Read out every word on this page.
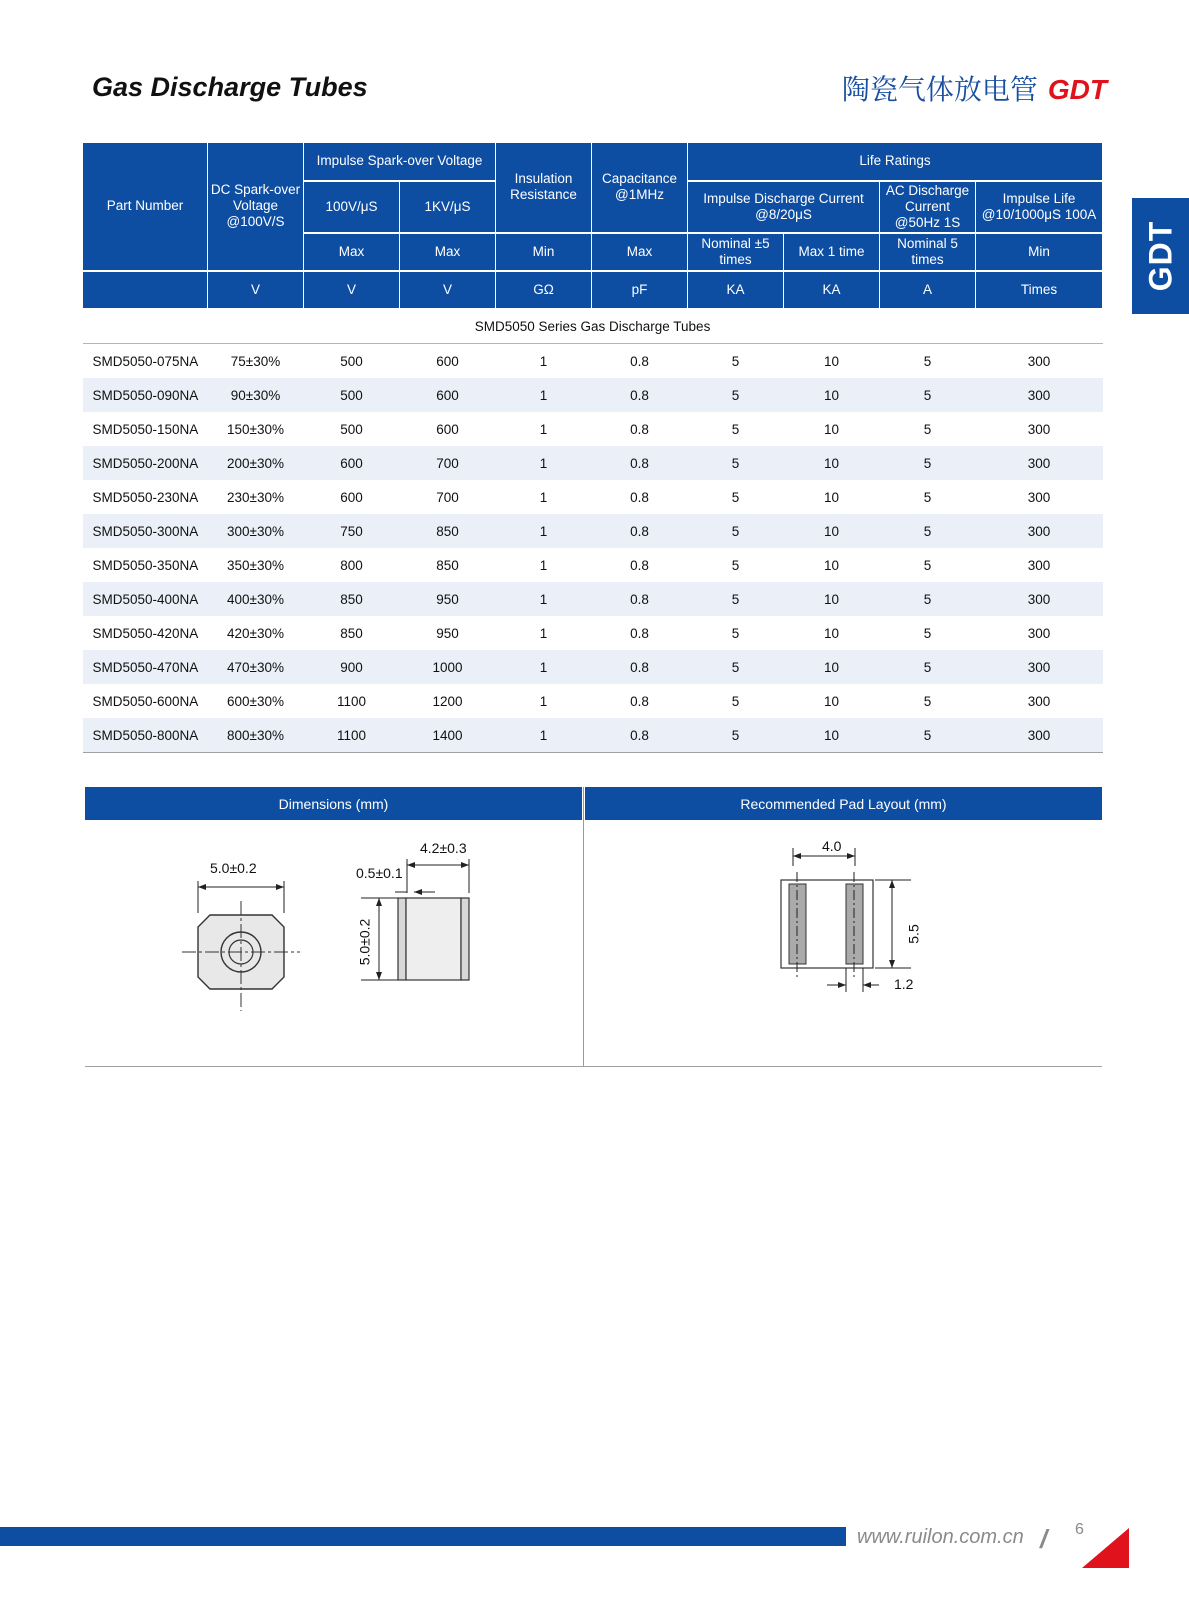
Gas Discharge Tubes	陶瓷气体放电管 GDT
GDT
Part Number	DC Spark-over Voltage @100V/S	Impulse Spark-over Voltage		Insulation Resistance	Capacitance @1MHz	Life Ratings			
		100V/μS	1KV/μS			Impulse Discharge Current @8/20μS		AC Discharge Current @50Hz 1S	Impulse Life @10/1000μS 100A
		Max	Max	Min	Max	Nominal ±5 times	Max 1 time	Nominal 5 times	Min
	V	V	V	GΩ	pF	KA	KA	A	Times
SMD5050 Series Gas Discharge Tubes									
SMD5050-075NA	75±30%	500	600	1	0.8	5	10	5	300
SMD5050-090NA	90±30%	500	600	1	0.8	5	10	5	300
SMD5050-150NA	150±30%	500	600	1	0.8	5	10	5	300
SMD5050-200NA	200±30%	600	700	1	0.8	5	10	5	300
SMD5050-230NA	230±30%	600	700	1	0.8	5	10	5	300
SMD5050-300NA	300±30%	750	850	1	0.8	5	10	5	300
SMD5050-350NA	350±30%	800	850	1	0.8	5	10	5	300
SMD5050-400NA	400±30%	850	950	1	0.8	5	10	5	300
SMD5050-420NA	420±30%	850	950	1	0.8	5	10	5	300
SMD5050-470NA	470±30%	900	1000	1	0.8	5	10	5	300
SMD5050-600NA	600±30%	1100	1200	1	0.8	5	10	5	300
SMD5050-800NA	800±30%	1100	1400	1	0.8	5	10	5	300
Dimensions (mm)	Recommended Pad Layout (mm)
5.0±0.2
4.2±0.3
0.5±0.1
5.0±0.2
4.0
5.5
1.2
www.ruilon.com.cn / 6
